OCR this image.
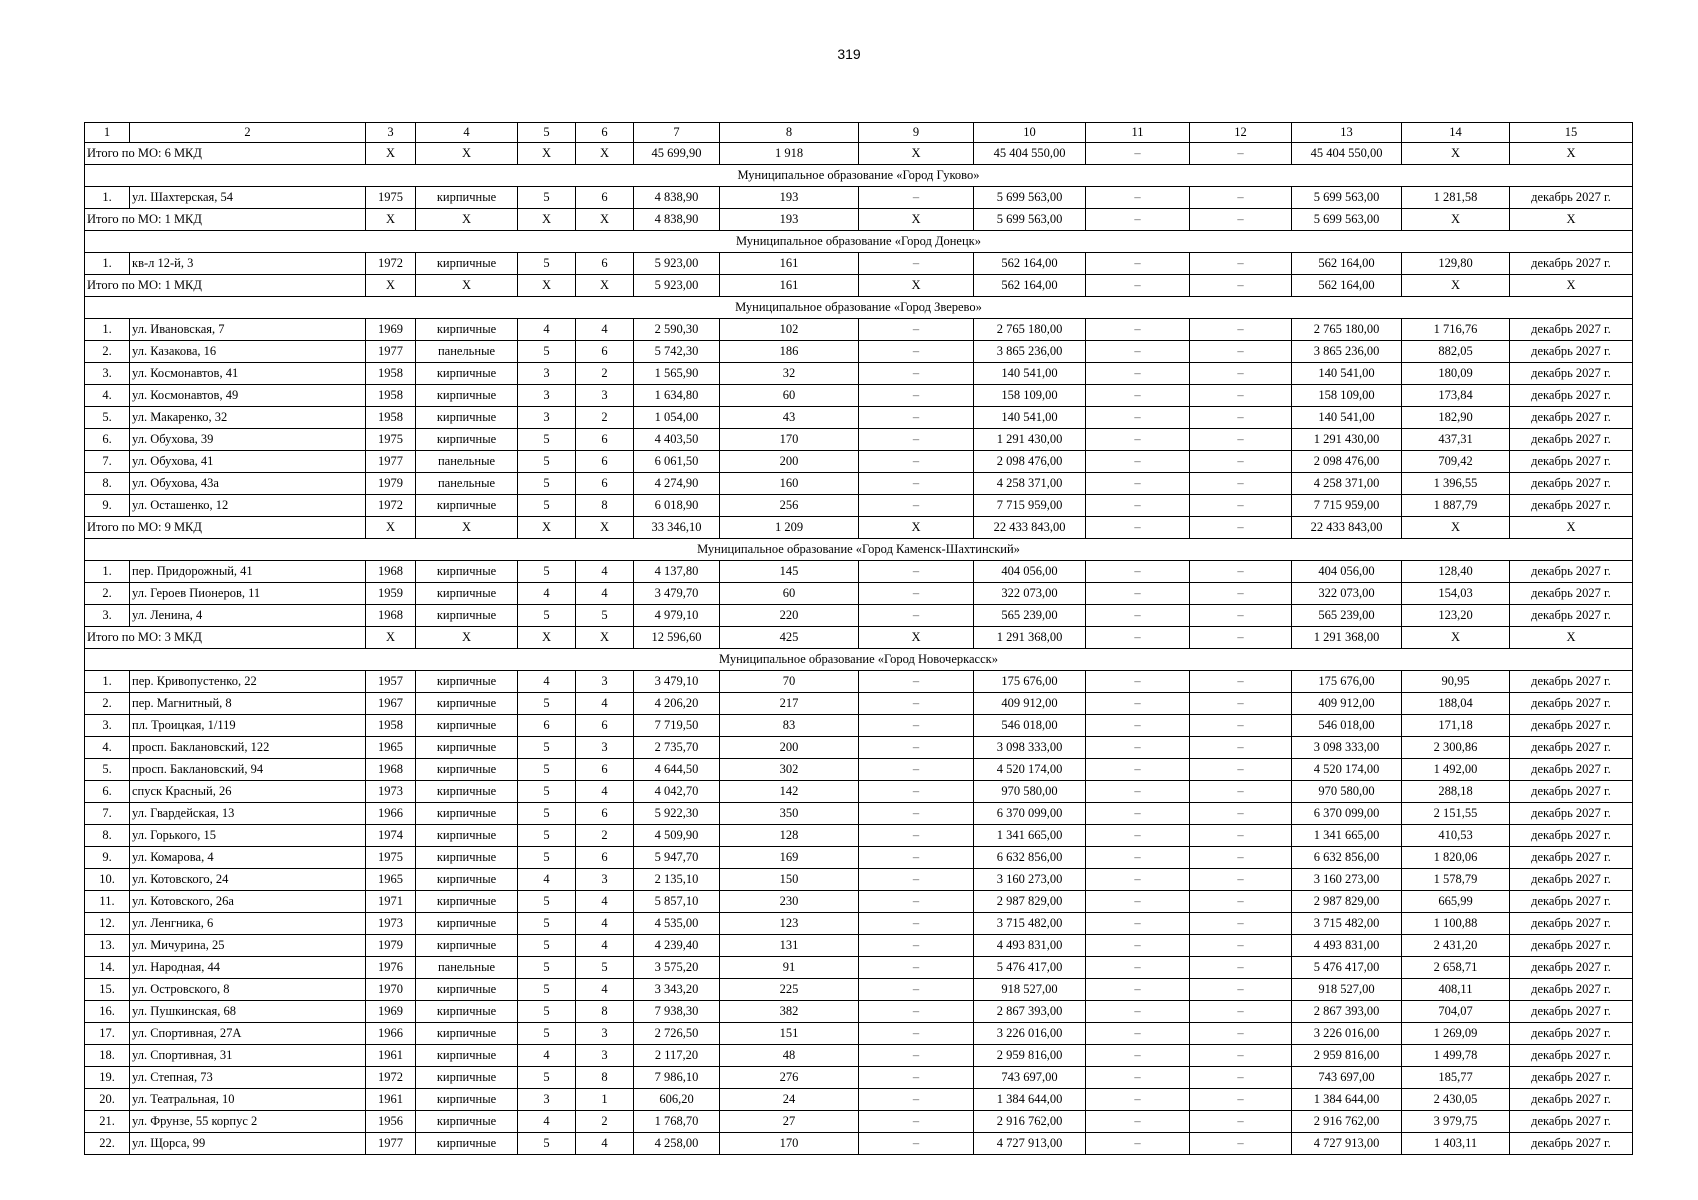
319
1	2	3	4	5	6	7	8	9	10	11	12	13	14	15
Итого по МО: 6 МКД		X	X	X	X	45 699,90	1 918	X	45 404 550,00	–	–	45 404 550,00	X	X
Муниципальное образование «Город Гуково»														
1.	ул. Шахтерская, 54	1975	кирпичные	5	6	4 838,90	193	–	5 699 563,00	–	–	5 699 563,00	1 281,58	декабрь 2027 г.
Итого по МО: 1 МКД		X	X	X	X	4 838,90	193	X	5 699 563,00	–	–	5 699 563,00	X	X
Муниципальное образование «Город Донецк»														
1.	кв-л 12-й, 3	1972	кирпичные	5	6	5 923,00	161	–	562 164,00	–	–	562 164,00	129,80	декабрь 2027 г.
Итого по МО: 1 МКД		X	X	X	X	5 923,00	161	X	562 164,00	–	–	562 164,00	X	X
Муниципальное образование «Город Зверево»														
1.	ул. Ивановская, 7	1969	кирпичные	4	4	2 590,30	102	–	2 765 180,00	–	–	2 765 180,00	1 716,76	декабрь 2027 г.
2.	ул. Казакова, 16	1977	панельные	5	6	5 742,30	186	–	3 865 236,00	–	–	3 865 236,00	882,05	декабрь 2027 г.
3.	ул. Космонавтов, 41	1958	кирпичные	3	2	1 565,90	32	–	140 541,00	–	–	140 541,00	180,09	декабрь 2027 г.
4.	ул. Космонавтов, 49	1958	кирпичные	3	3	1 634,80	60	–	158 109,00	–	–	158 109,00	173,84	декабрь 2027 г.
5.	ул. Макаренко, 32	1958	кирпичные	3	2	1 054,00	43	–	140 541,00	–	–	140 541,00	182,90	декабрь 2027 г.
6.	ул. Обухова, 39	1975	кирпичные	5	6	4 403,50	170	–	1 291 430,00	–	–	1 291 430,00	437,31	декабрь 2027 г.
7.	ул. Обухова, 41	1977	панельные	5	6	6 061,50	200	–	2 098 476,00	–	–	2 098 476,00	709,42	декабрь 2027 г.
8.	ул. Обухова, 43а	1979	панельные	5	6	4 274,90	160	–	4 258 371,00	–	–	4 258 371,00	1 396,55	декабрь 2027 г.
9.	ул. Осташенко, 12	1972	кирпичные	5	8	6 018,90	256	–	7 715 959,00	–	–	7 715 959,00	1 887,79	декабрь 2027 г.
Итого по МО: 9 МКД		X	X	X	X	33 346,10	1 209	X	22 433 843,00	–	–	22 433 843,00	X	X
Муниципальное образование «Город Каменск-Шахтинский»														
1.	пер. Придорожный, 41	1968	кирпичные	5	4	4 137,80	145	–	404 056,00	–	–	404 056,00	128,40	декабрь 2027 г.
2.	ул. Героев Пионеров, 11	1959	кирпичные	4	4	3 479,70	60	–	322 073,00	–	–	322 073,00	154,03	декабрь 2027 г.
3.	ул. Ленина, 4	1968	кирпичные	5	5	4 979,10	220	–	565 239,00	–	–	565 239,00	123,20	декабрь 2027 г.
Итого по МО: 3 МКД		X	X	X	X	12 596,60	425	X	1 291 368,00	–	–	1 291 368,00	X	X
Муниципальное образование «Город Новочеркасск»														
1.	пер. Кривопустенко, 22	1957	кирпичные	4	3	3 479,10	70	–	175 676,00	–	–	175 676,00	90,95	декабрь 2027 г.
2.	пер. Магнитный, 8	1967	кирпичные	5	4	4 206,20	217	–	409 912,00	–	–	409 912,00	188,04	декабрь 2027 г.
3.	пл. Троицкая, 1/119	1958	кирпичные	6	6	7 719,50	83	–	546 018,00	–	–	546 018,00	171,18	декабрь 2027 г.
4.	просп. Баклановский, 122	1965	кирпичные	5	3	2 735,70	200	–	3 098 333,00	–	–	3 098 333,00	2 300,86	декабрь 2027 г.
5.	просп. Баклановский, 94	1968	кирпичные	5	6	4 644,50	302	–	4 520 174,00	–	–	4 520 174,00	1 492,00	декабрь 2027 г.
6.	спуск Красный, 26	1973	кирпичные	5	4	4 042,70	142	–	970 580,00	–	–	970 580,00	288,18	декабрь 2027 г.
7.	ул. Гвардейская, 13	1966	кирпичные	5	6	5 922,30	350	–	6 370 099,00	–	–	6 370 099,00	2 151,55	декабрь 2027 г.
8.	ул. Горького, 15	1974	кирпичные	5	2	4 509,90	128	–	1 341 665,00	–	–	1 341 665,00	410,53	декабрь 2027 г.
9.	ул. Комарова, 4	1975	кирпичные	5	6	5 947,70	169	–	6 632 856,00	–	–	6 632 856,00	1 820,06	декабрь 2027 г.
10.	ул. Котовского, 24	1965	кирпичные	4	3	2 135,10	150	–	3 160 273,00	–	–	3 160 273,00	1 578,79	декабрь 2027 г.
11.	ул. Котовского, 26а	1971	кирпичные	5	4	5 857,10	230	–	2 987 829,00	–	–	2 987 829,00	665,99	декабрь 2027 г.
12.	ул. Ленгника, 6	1973	кирпичные	5	4	4 535,00	123	–	3 715 482,00	–	–	3 715 482,00	1 100,88	декабрь 2027 г.
13.	ул. Мичурина, 25	1979	кирпичные	5	4	4 239,40	131	–	4 493 831,00	–	–	4 493 831,00	2 431,20	декабрь 2027 г.
14.	ул. Народная, 44	1976	панельные	5	5	3 575,20	91	–	5 476 417,00	–	–	5 476 417,00	2 658,71	декабрь 2027 г.
15.	ул. Островского, 8	1970	кирпичные	5	4	3 343,20	225	–	918 527,00	–	–	918 527,00	408,11	декабрь 2027 г.
16.	ул. Пушкинская, 68	1969	кирпичные	5	8	7 938,30	382	–	2 867 393,00	–	–	2 867 393,00	704,07	декабрь 2027 г.
17.	ул. Спортивная, 27А	1966	кирпичные	5	3	2 726,50	151	–	3 226 016,00	–	–	3 226 016,00	1 269,09	декабрь 2027 г.
18.	ул. Спортивная, 31	1961	кирпичные	4	3	2 117,20	48	–	2 959 816,00	–	–	2 959 816,00	1 499,78	декабрь 2027 г.
19.	ул. Степная, 73	1972	кирпичные	5	8	7 986,10	276	–	743 697,00	–	–	743 697,00	185,77	декабрь 2027 г.
20.	ул. Театральная, 10	1961	кирпичные	3	1	606,20	24	–	1 384 644,00	–	–	1 384 644,00	2 430,05	декабрь 2027 г.
21.	ул. Фрунзе, 55 корпус 2	1956	кирпичные	4	2	1 768,70	27	–	2 916 762,00	–	–	2 916 762,00	3 979,75	декабрь 2027 г.
22.	ул. Щорса, 99	1977	кирпичные	5	4	4 258,00	170	–	4 727 913,00	–	–	4 727 913,00	1 403,11	декабрь 2027 г.
